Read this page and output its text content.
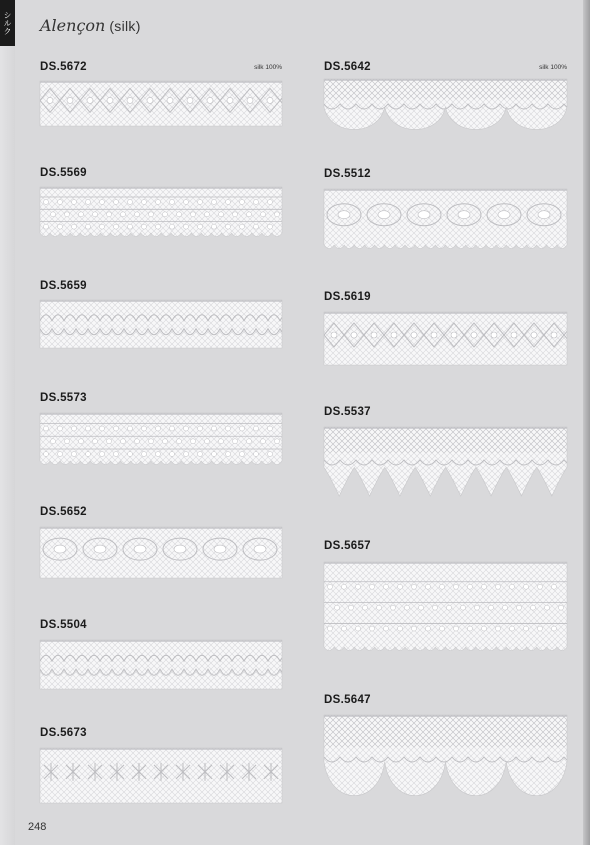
シルク Alençon (silk)
DS.5672	silk 100%
DS.5569
DS.5659
DS.5573
DS.5652
DS.5504
DS.5673
DS.5642	silk 100%
DS.5512
DS.5619
DS.5537
DS.5657
DS.5647
248
